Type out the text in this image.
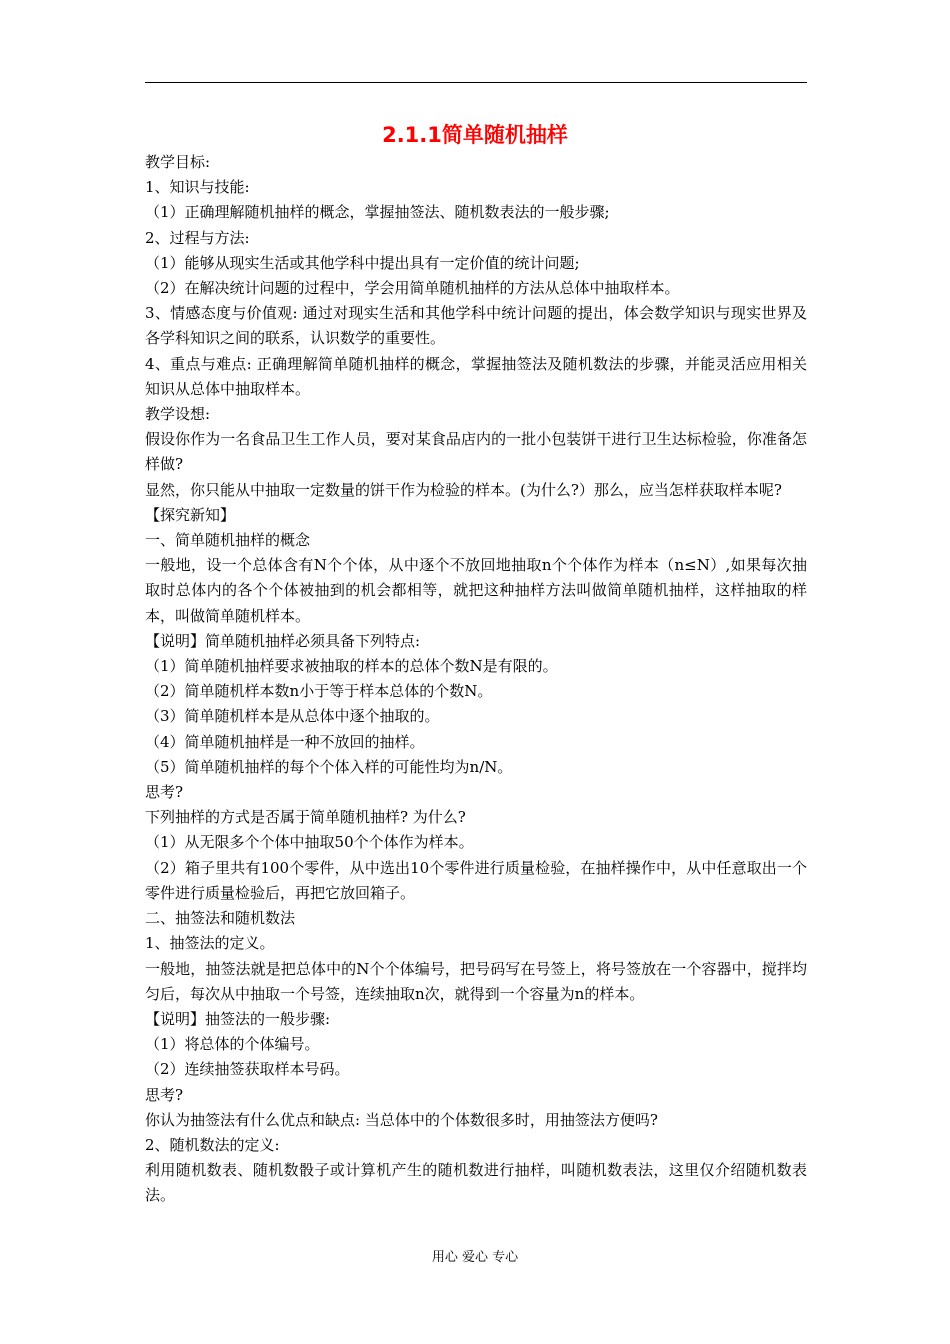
2.1.1简单随机抽样

教学目标:

1、知识与技能:

（1）正确理解随机抽样的概念，掌握抽签法、随机数表法的一般步骤;

2、过程与方法:

（1）能够从现实生活或其他学科中提出具有一定价值的统计问题;

（2）在解决统计问题的过程中，学会用简单随机抽样的方法从总体中抽取样本。

3、情感态度与价值观: 通过对现实生活和其他学科中统计问题的提出，体会数学知识与现实世界及各学科知识之间的联系，认识数学的重要性。

4、重点与难点: 正确理解简单随机抽样的概念，掌握抽签法及随机数法的步骤，并能灵活应用相关知识从总体中抽取样本。

教学设想:

假设你作为一名食品卫生工作人员，要对某食品店内的一批小包装饼干进行卫生达标检验，你准备怎样做?

显然，你只能从中抽取一定数量的饼干作为检验的样本。(为什么?）那么，应当怎样获取样本呢?

【探究新知】

一、简单随机抽样的概念

一般地，设一个总体含有N个个体，从中逐个不放回地抽取n个个体作为样本（n≤N）,如果每次抽取时总体内的各个个体被抽到的机会都相等，就把这种抽样方法叫做简单随机抽样，这样抽取的样本，叫做简单随机样本。

【说明】简单随机抽样必须具备下列特点:

（1）简单随机抽样要求被抽取的样本的总体个数N是有限的。

（2）简单随机样本数n小于等于样本总体的个数N。

（3）简单随机样本是从总体中逐个抽取的。

（4）简单随机抽样是一种不放回的抽样。

（5）简单随机抽样的每个个体入样的可能性均为n/N。

思考?

下列抽样的方式是否属于简单随机抽样? 为什么?

（1）从无限多个个体中抽取50个个体作为样本。

（2）箱子里共有100个零件，从中选出10个零件进行质量检验，在抽样操作中，从中任意取出一个零件进行质量检验后，再把它放回箱子。

二、抽签法和随机数法

1、抽签法的定义。

一般地，抽签法就是把总体中的N个个体编号，把号码写在号签上，将号签放在一个容器中，搅拌均匀后，每次从中抽取一个号签，连续抽取n次，就得到一个容量为n的样本。

【说明】抽签法的一般步骤:

（1）将总体的个体编号。

（2）连续抽签获取样本号码。

思考?

你认为抽签法有什么优点和缺点: 当总体中的个体数很多时，用抽签法方便吗?

2、随机数法的定义:

利用随机数表、随机数骰子或计算机产生的随机数进行抽样，叫随机数表法，这里仅介绍随机数表法。

用心 爱心 专心
